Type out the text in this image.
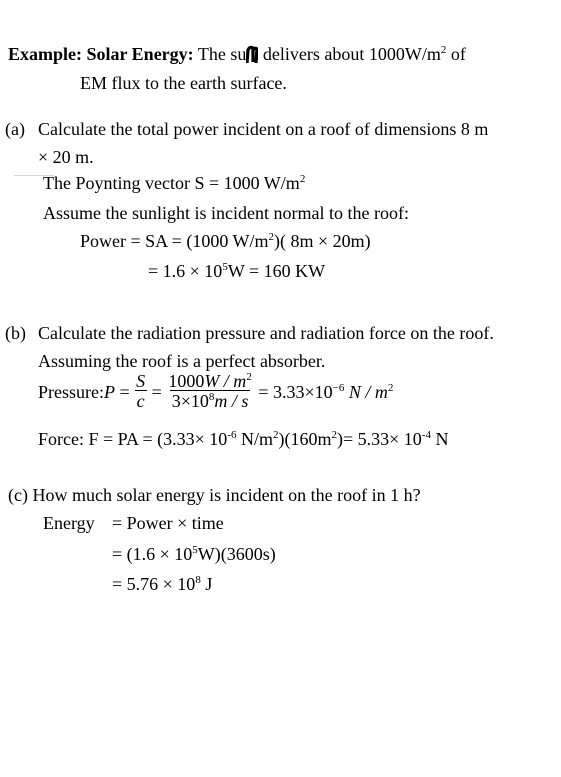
Example: Solar Energy: The su delivers about $1000W/m^2$ of
EM flux to the earth surface.
(a) Calculate the total power incident on a roof of dimensions 8 m
× 20 m.
The Poynting vector S = 1000 $W/m^2$
Assume the sunlight is incident normal to the roof:
Power = SA = (1000 $W/m^2$)( 8m × 20m)
= $1.6 \times 10^5W = 160$ KW
(b) Calculate the radiation pressure and radiation force on the roof.
Assuming the roof is a perfect absorber.
Pressure: $P = \frac{S}{c} = \frac{1000W / m^2}{3\times 10^8m / s} = 3.33\times 10^{-6}$ N / $m^2$
Force: F = PA = ($3.33\times 10^{-6}$ $N/m^2)(160m^2)= 5.33\times 10^{-4}$ N
(c) How much solar energy is incident on the roof in 1 h?
Energy = Power × time
= $(1.6 \times 10^5W)(3600s)$
= $5.76 \times 10^8$ J
